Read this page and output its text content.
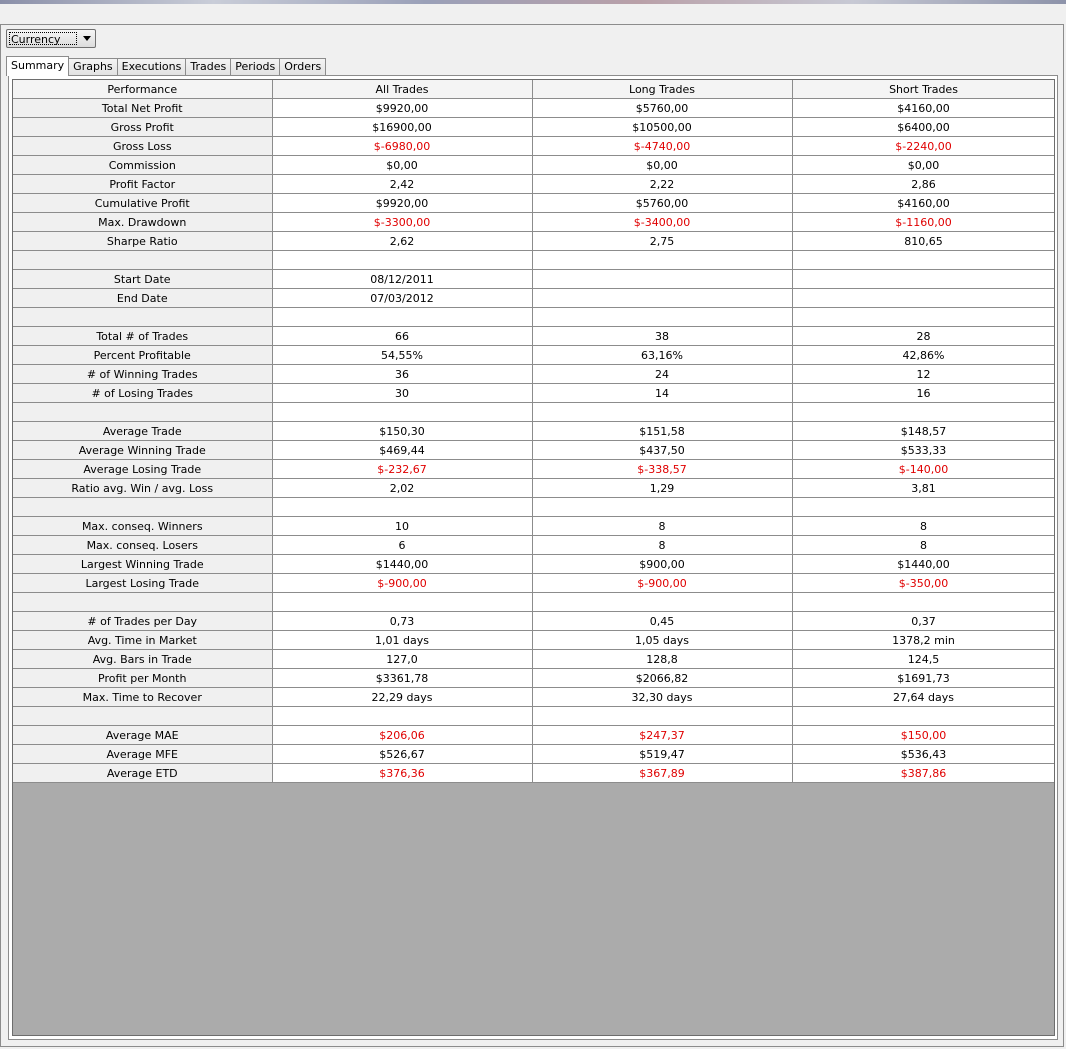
Currency
Summary Graphs Executions Trades Periods Orders
Performance	All Trades	Long Trades	Short Trades
Total Net Profit	$9920,00	$5760,00	$4160,00
Gross Profit	$16900,00	$10500,00	$6400,00
Gross Loss	$-6980,00	$-4740,00	$-2240,00
Commission	$0,00	$0,00	$0,00
Profit Factor	2,42	2,22	2,86
Cumulative Profit	$9920,00	$5760,00	$4160,00
Max. Drawdown	$-3300,00	$-3400,00	$-1160,00
Sharpe Ratio	2,62	2,75	810,65

Start Date	08/12/2011		
End Date	07/03/2012		

Total # of Trades	66	38	28
Percent Profitable	54,55%	63,16%	42,86%
# of Winning Trades	36	24	12
# of Losing Trades	30	14	16

Average Trade	$150,30	$151,58	$148,57
Average Winning Trade	$469,44	$437,50	$533,33
Average Losing Trade	$-232,67	$-338,57	$-140,00
Ratio avg. Win / avg. Loss	2,02	1,29	3,81

Max. conseq. Winners	10	8	8
Max. conseq. Losers	6	8	8
Largest Winning Trade	$1440,00	$900,00	$1440,00
Largest Losing Trade	$-900,00	$-900,00	$-350,00

# of Trades per Day	0,73	0,45	0,37
Avg. Time in Market	1,01 days	1,05 days	1378,2 min
Avg. Bars in Trade	127,0	128,8	124,5
Profit per Month	$3361,78	$2066,82	$1691,73
Max. Time to Recover	22,29 days	32,30 days	27,64 days

Average MAE	$206,06	$247,37	$150,00
Average MFE	$526,67	$519,47	$536,43
Average ETD	$376,36	$367,89	$387,86
